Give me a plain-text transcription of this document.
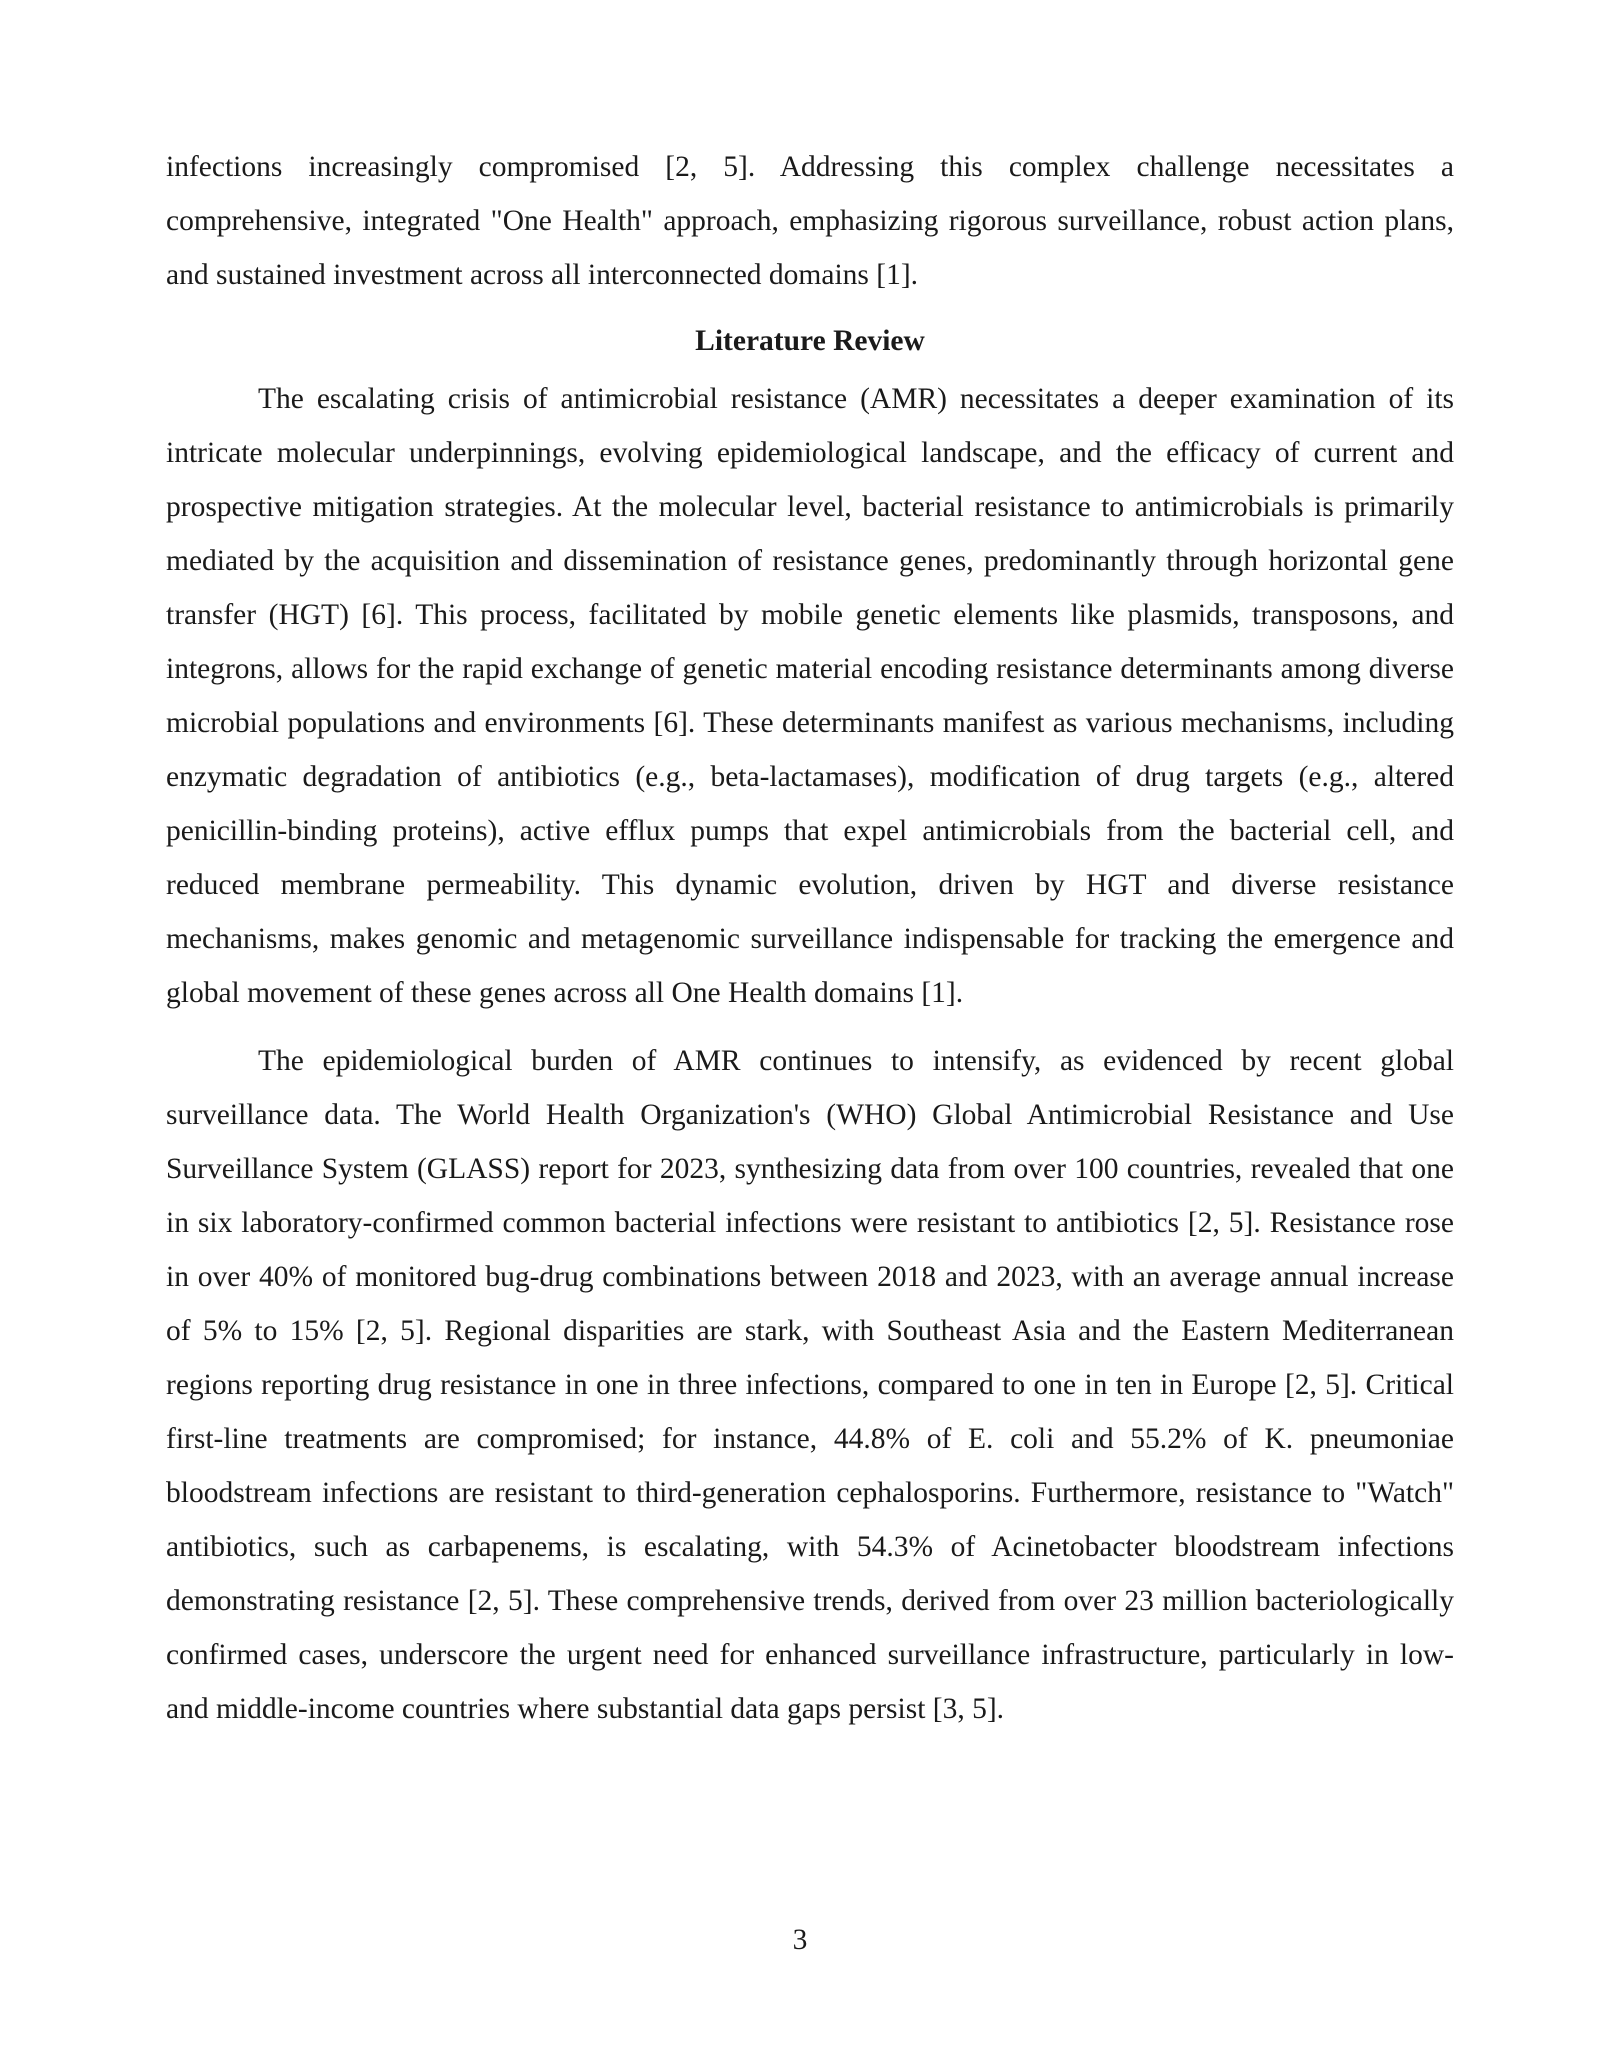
infections increasingly compromised [2, 5]. Addressing this complex challenge necessitates a comprehensive, integrated "One Health" approach, emphasizing rigorous surveillance, robust action plans, and sustained investment across all interconnected domains [1].

Literature Review

The escalating crisis of antimicrobial resistance (AMR) necessitates a deeper examination of its intricate molecular underpinnings, evolving epidemiological landscape, and the efficacy of current and prospective mitigation strategies. At the molecular level, bacterial resistance to antimicrobials is primarily mediated by the acquisition and dissemination of resistance genes, predominantly through horizontal gene transfer (HGT) [6]. This process, facilitated by mobile genetic elements like plasmids, transposons, and integrons, allows for the rapid exchange of genetic material encoding resistance determinants among diverse microbial populations and environments [6]. These determinants manifest as various mechanisms, including enzymatic degradation of antibiotics (e.g., beta-lactamases), modification of drug targets (e.g., altered penicillin-binding proteins), active efflux pumps that expel antimicrobials from the bacterial cell, and reduced membrane permeability. This dynamic evolution, driven by HGT and diverse resistance mechanisms, makes genomic and metagenomic surveillance indispensable for tracking the emergence and global movement of these genes across all One Health domains [1].

The epidemiological burden of AMR continues to intensify, as evidenced by recent global surveillance data. The World Health Organization's (WHO) Global Antimicrobial Resistance and Use Surveillance System (GLASS) report for 2023, synthesizing data from over 100 countries, revealed that one in six laboratory-confirmed common bacterial infections were resistant to antibiotics [2, 5]. Resistance rose in over 40% of monitored bug-drug combinations between 2018 and 2023, with an average annual increase of 5% to 15% [2, 5]. Regional disparities are stark, with Southeast Asia and the Eastern Mediterranean regions reporting drug resistance in one in three infections, compared to one in ten in Europe [2, 5]. Critical first-line treatments are compromised; for instance, 44.8% of E. coli and 55.2% of K. pneumoniae bloodstream infections are resistant to third-generation cephalosporins. Furthermore, resistance to "Watch" antibiotics, such as carbapenems, is escalating, with 54.3% of Acinetobacter bloodstream infections demonstrating resistance [2, 5]. These comprehensive trends, derived from over 23 million bacteriologically confirmed cases, underscore the urgent need for enhanced surveillance infrastructure, particularly in low- and middle-income countries where substantial data gaps persist [3, 5].

3
